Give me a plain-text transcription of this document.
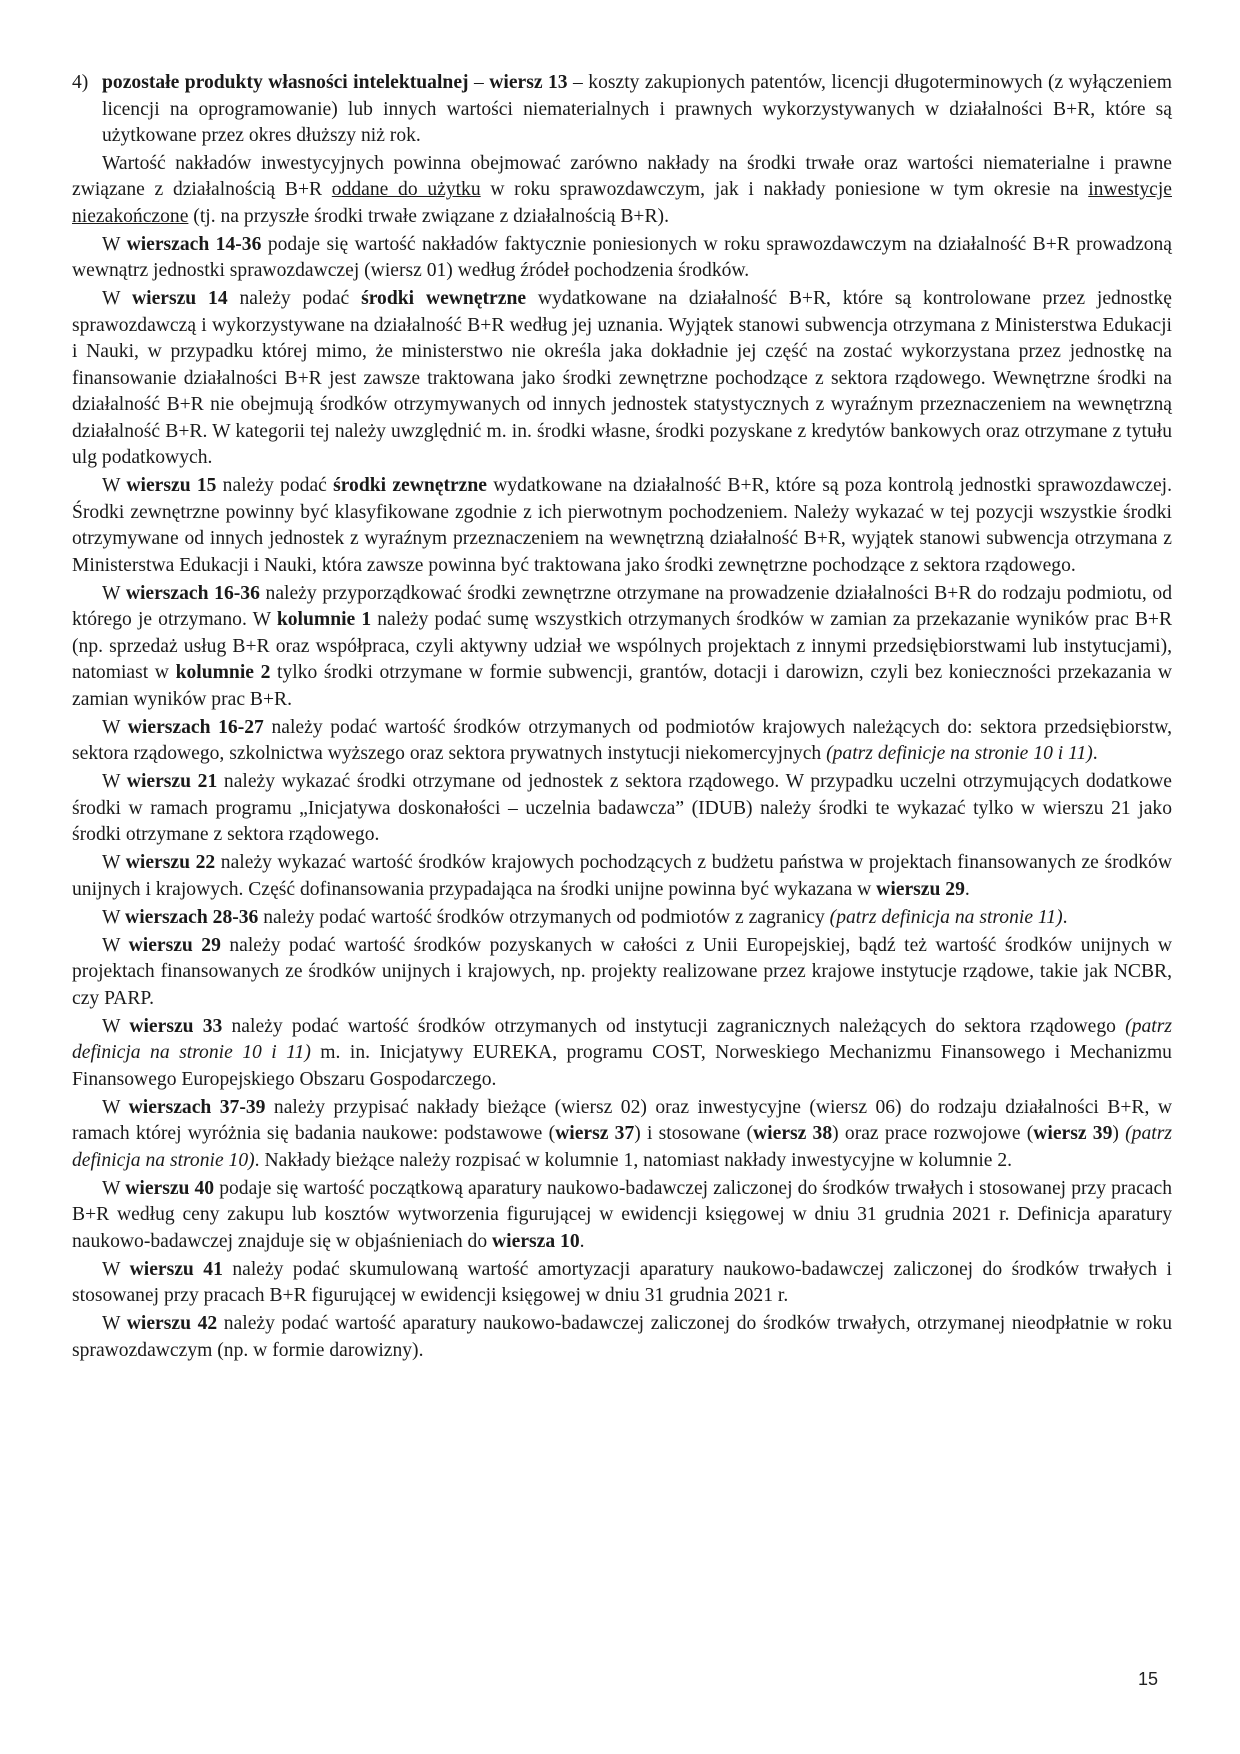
4) pozostałe produkty własności intelektualnej – wiersz 13 – koszty zakupionych patentów, licencji długoterminowych (z wyłączeniem licencji na oprogramowanie) lub innych wartości niematerialnych i prawnych wykorzystywanych w działalności B+R, które są użytkowane przez okres dłuższy niż rok.

Wartość nakładów inwestycyjnych powinna obejmować zarówno nakłady na środki trwałe oraz wartości niematerialne i prawne związane z działalnością B+R oddane do użytku w roku sprawozdawczym, jak i nakłady poniesione w tym okresie na inwestycje niezakończone (tj. na przyszłe środki trwałe związane z działalnością B+R).

W wierszach 14-36 podaje się wartość nakładów faktycznie poniesionych w roku sprawozdawczym na działalność B+R prowadzoną wewnątrz jednostki sprawozdawczej (wiersz 01) według źródeł pochodzenia środków.

W wierszu 14 należy podać środki wewnętrzne wydatkowane na działalność B+R, które są kontrolowane przez jednostkę sprawozdawczą i wykorzystywane na działalność B+R według jej uznania. Wyjątek stanowi subwencja otrzymana z Ministerstwa Edukacji i Nauki, w przypadku której mimo, że ministerstwo nie określa jaka dokładnie jej część na zostać wykorzystana przez jednostkę na finansowanie działalności B+R jest zawsze traktowana jako środki zewnętrzne pochodzące z sektora rządowego. Wewnętrzne środki na działalność B+R nie obejmują środków otrzymywanych od innych jednostek statystycznych z wyraźnym przeznaczeniem na wewnętrzną działalność B+R. W kategorii tej należy uwzględnić m. in. środki własne, środki pozyskane z kredytów bankowych oraz otrzymane z tytułu ulg podatkowych.

W wierszu 15 należy podać środki zewnętrzne wydatkowane na działalność B+R, które są poza kontrolą jednostki sprawozdawczej. Środki zewnętrzne powinny być klasyfikowane zgodnie z ich pierwotnym pochodzeniem. Należy wykazać w tej pozycji wszystkie środki otrzymywane od innych jednostek z wyraźnym przeznaczeniem na wewnętrzną działalność B+R, wyjątek stanowi subwencja otrzymana z Ministerstwa Edukacji i Nauki, która zawsze powinna być traktowana jako środki zewnętrzne pochodzące z sektora rządowego.

W wierszach 16-36 należy przyporządkować środki zewnętrzne otrzymane na prowadzenie działalności B+R do rodzaju podmiotu, od którego je otrzymano. W kolumnie 1 należy podać sumę wszystkich otrzymanych środków w zamian za przekazanie wyników prac B+R (np. sprzedaż usług B+R oraz współpraca, czyli aktywny udział we wspólnych projektach z innymi przedsiębiorstwami lub instytucjami), natomiast w kolumnie 2 tylko środki otrzymane w formie subwencji, grantów, dotacji i darowizn, czyli bez konieczności przekazania w zamian wyników prac B+R.

W wierszach 16-27 należy podać wartość środków otrzymanych od podmiotów krajowych należących do: sektora przedsiębiorstw, sektora rządowego, szkolnictwa wyższego oraz sektora prywatnych instytucji niekomercyjnych (patrz definicje na stronie 10 i 11).

W wierszu 21 należy wykazać środki otrzymane od jednostek z sektora rządowego. W przypadku uczelni otrzymujących dodatkowe środki w ramach programu „Inicjatywa doskonałości – uczelnia badawcza” (IDUB) należy środki te wykazać tylko w wierszu 21 jako środki otrzymane z sektora rządowego.

W wierszu 22 należy wykazać wartość środków krajowych pochodzących z budżetu państwa w projektach finansowanych ze środków unijnych i krajowych. Część dofinansowania przypadająca na środki unijne powinna być wykazana w wierszu 29.

W wierszach 28-36 należy podać wartość środków otrzymanych od podmiotów z zagranicy (patrz definicja na stronie 11).

W wierszu 29 należy podać wartość środków pozyskanych w całości z Unii Europejskiej, bądź też wartość środków unijnych w projektach finansowanych ze środków unijnych i krajowych, np. projekty realizowane przez krajowe instytucje rządowe, takie jak NCBR, czy PARP.

W wierszu 33 należy podać wartość środków otrzymanych od instytucji zagranicznych należących do sektora rządowego (patrz definicja na stronie 10 i 11) m. in. Inicjatywy EUREKA, programu COST, Norweskiego Mechanizmu Finansowego i Mechanizmu Finansowego Europejskiego Obszaru Gospodarczego.

W wierszach 37-39 należy przypisać nakłady bieżące (wiersz 02) oraz inwestycyjne (wiersz 06) do rodzaju działalności B+R, w ramach której wyróżnia się badania naukowe: podstawowe (wiersz 37) i stosowane (wiersz 38) oraz prace rozwojowe (wiersz 39) (patrz definicja na stronie 10). Nakłady bieżące należy rozpisać w kolumnie 1, natomiast nakłady inwestycyjne w kolumnie 2.

W wierszu 40 podaje się wartość początkową aparatury naukowo-badawczej zaliczonej do środków trwałych i stosowanej przy pracach B+R według ceny zakupu lub kosztów wytworzenia figurującej w ewidencji księgowej w dniu 31 grudnia 2021 r. Definicja aparatury naukowo-badawczej znajduje się w objaśnieniach do wiersza 10.

W wierszu 41 należy podać skumulowaną wartość amortyzacji aparatury naukowo-badawczej zaliczonej do środków trwałych i stosowanej przy pracach B+R figurującej w ewidencji księgowej w dniu 31 grudnia 2021 r.

W wierszu 42 należy podać wartość aparatury naukowo-badawczej zaliczonej do środków trwałych, otrzymanej nieodpłatnie w roku sprawozdawczym (np. w formie darowizny).

15
